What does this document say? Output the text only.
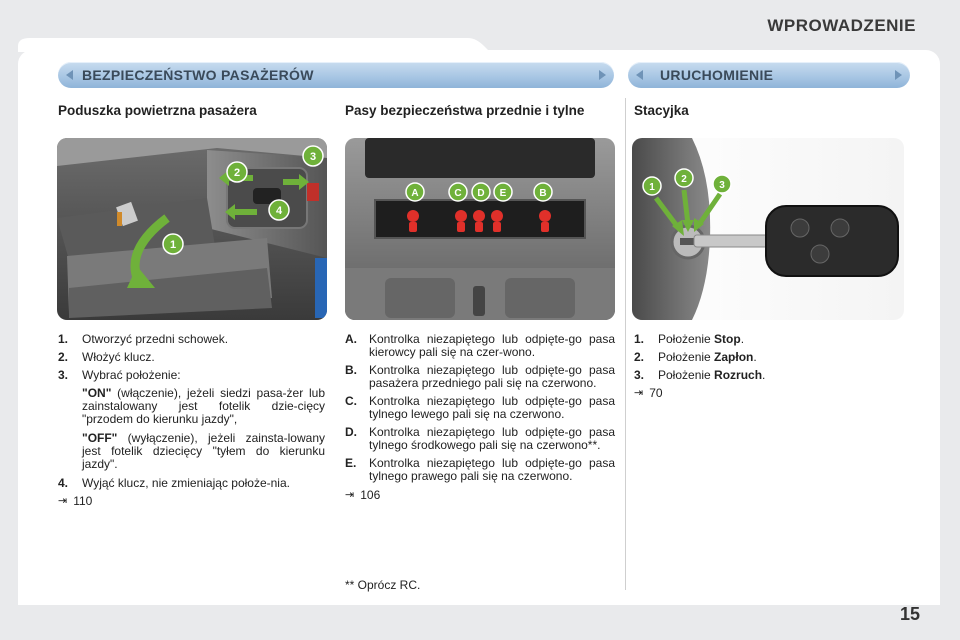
WPROWADZENIE
BEZPIECZEŃSTWO PASAŻERÓW	URUCHOMIENIE
Poduszka powietrzna pasażera
1
2
3
4
1. Otworzyć przedni schowek.
2. Włożyć klucz.
3. Wybrać położenie:
"ON" (włączenie), jeżeli siedzi pasa-żer lub zainstalowany jest fotelik dzie-cięcy "przodem do kierunku jazdy",
"OFF" (wyłączenie), jeżeli zainsta-lowany jest fotelik dziecięcy "tyłem do kierunku jazdy".
4. Wyjąć klucz, nie zmieniając położe-nia.
⇥ 110
Pasy bezpieczeństwa przednie i tylne
A	C D E	B
A. Kontrolka niezapiętego lub odpięte-go pasa kierowcy pali się na czer-wono.
B. Kontrolka niezapiętego lub odpięte-go pasa pasażera przedniego pali się na czerwono.
C. Kontrolka niezapiętego lub odpięte-go pasa tylnego lewego pali się na czerwono.
D. Kontrolka niezapiętego lub odpięte-go pasa tylnego środkowego pali się na czerwono**.
E. Kontrolka niezapiętego lub odpięte-go pasa tylnego prawego pali się na czerwono.
⇥ 106
** Oprócz RC.
Stacyjka
1
2
3
1. Położenie Stop.
2. Położenie Zapłon.
3. Położenie Rozruch.
⇥ 70
15
